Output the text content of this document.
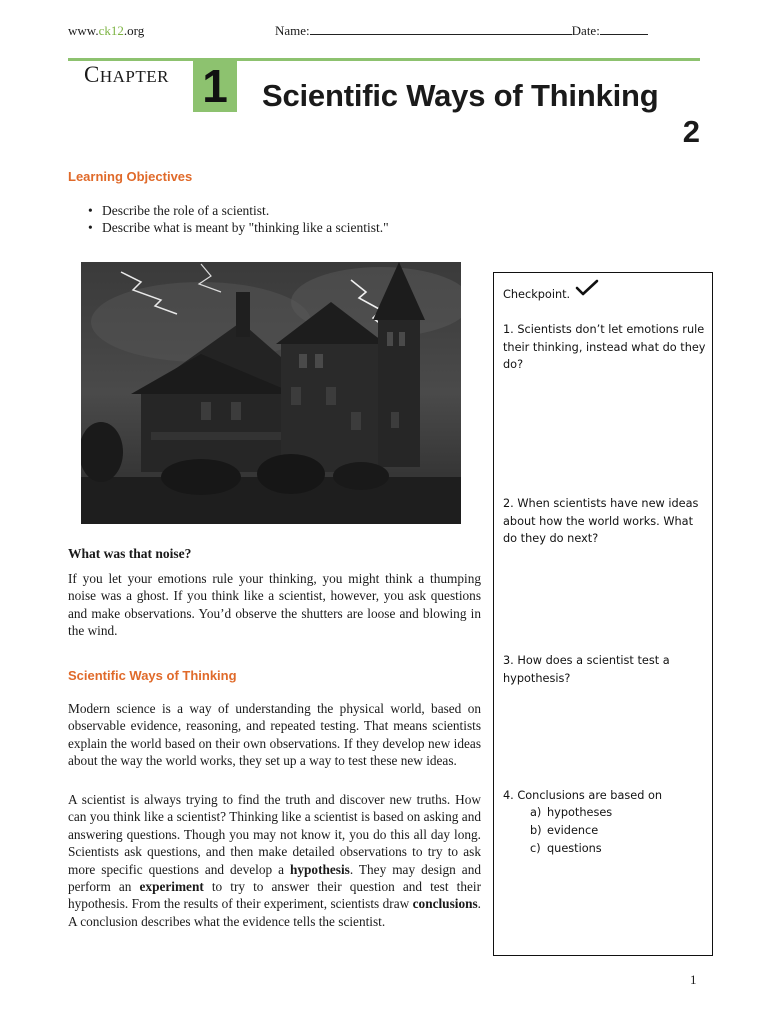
www.ck12.org	Name:	Date:
CHAPTER 1 Scientific Ways of Thinking
2
Learning Objectives
• Describe the role of a scientist.
• Describe what is meant by "thinking like a scientist."
What was that noise?
If you let your emotions rule your thinking, you might think a thumping noise was a ghost. If you think like a scientist, however, you ask questions and make observations. You’d observe the shutters are loose and blowing in the wind.
Scientific Ways of Thinking
Modern science is a way of understanding the physical world, based on observable evidence, reasoning, and repeated testing. That means scientists explain the world based on their own observations. If they develop new ideas about the way the world works, they set up a way to test these new ideas.
A scientist is always trying to find the truth and discover new truths. How can you think like a scientist? Thinking like a scientist is based on asking and answering questions. Though you may not know it, you do this all day long. Scientists ask questions, and then make detailed observations to try to ask more specific questions and develop a hypothesis. They may design and perform an experiment to try to answer their question and test their hypothesis. From the results of their experiment, scientists draw conclusions. A conclusion describes what the evidence tells the scientist.
Checkpoint.
1. Scientists don’t let emotions rule their thinking, instead what do they do?
2. When scientists have new ideas about how the world works. What do they do next?
3. How does a scientist test a hypothesis?
4. Conclusions are based on
a) hypotheses
b) evidence
c) questions
1
